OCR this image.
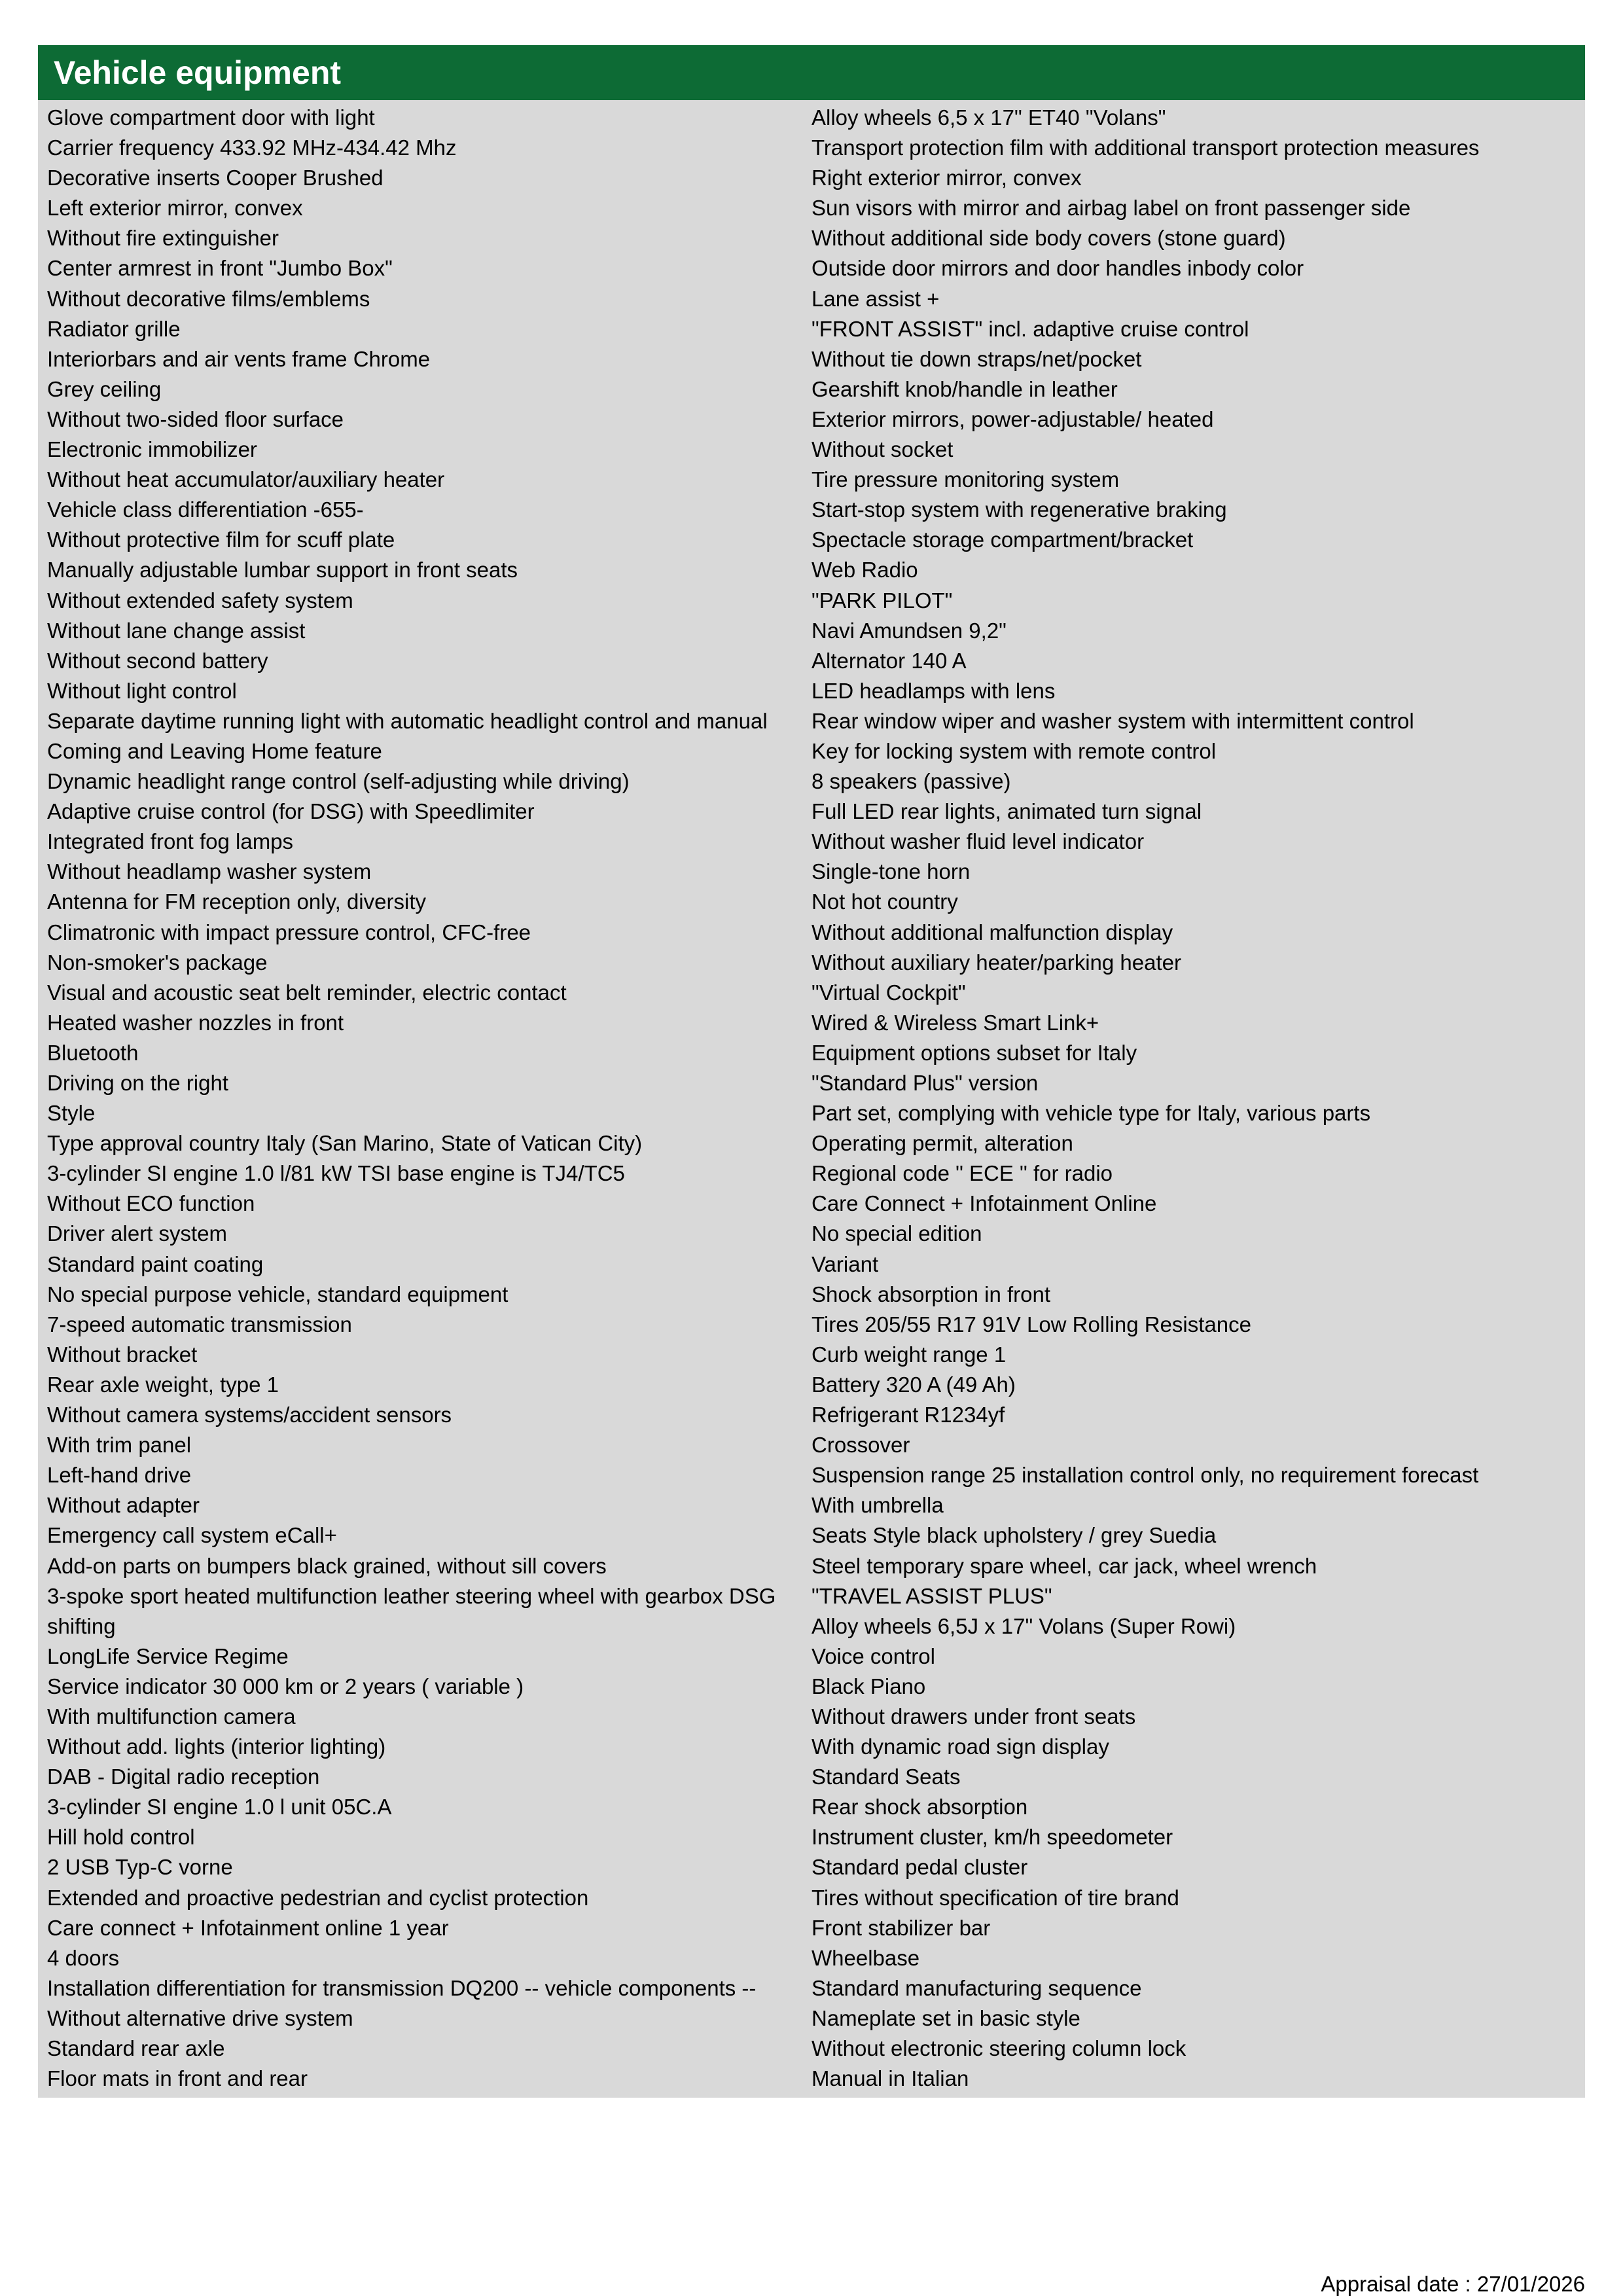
Vehicle equipment
Glove compartment door with light
Carrier frequency 433.92 MHz-434.42 Mhz
Decorative inserts Cooper Brushed
Left exterior mirror, convex
Without fire extinguisher
Center armrest in front "Jumbo Box"
Without decorative films/emblems
Radiator grille
Interiorbars and air vents frame Chrome
Grey ceiling
Without two-sided floor surface
Electronic immobilizer
Without heat accumulator/auxiliary heater
Vehicle class differentiation -655-
Without protective film for scuff plate
Manually adjustable lumbar support in front seats
Without extended safety system
Without lane change assist
Without second battery
Without light control
Separate daytime running light with automatic headlight control and manual
Coming and Leaving Home feature
Dynamic headlight range control (self-adjusting while driving)
Adaptive cruise control (for DSG) with Speedlimiter
Integrated front fog lamps
Without headlamp washer system
Antenna for FM reception only, diversity
Climatronic with impact pressure control, CFC-free
Non-smoker's package
Visual and acoustic seat belt reminder, electric contact
Heated washer nozzles in front
Bluetooth
Driving on the right
Style
Type approval country Italy (San Marino, State of Vatican City)
3-cylinder SI engine 1.0 l/81 kW TSI base engine is TJ4/TC5
Without ECO function
Driver alert system
Standard paint coating
No special purpose vehicle, standard equipment
7-speed automatic transmission
Without bracket
Rear axle weight, type 1
Without camera systems/accident sensors
With trim panel
Left-hand drive
Without adapter
Emergency call system eCall+
Add-on parts on bumpers black grained, without sill covers
3-spoke sport heated multifunction leather steering wheel with gearbox DSG
shifting
LongLife Service Regime
Service indicator 30 000 km or 2 years ( variable )
With multifunction camera
Without add. lights (interior lighting)
DAB - Digital radio reception
3-cylinder SI engine 1.0 l unit 05C.A
Hill hold control
2 USB Typ-C vorne
Extended and proactive pedestrian and cyclist protection
Care connect + Infotainment online 1 year
4 doors
Installation differentiation for transmission DQ200 -- vehicle components --
Without alternative drive system
Standard rear axle
Floor mats in front and rear
Alloy wheels 6,5 x 17" ET40 "Volans"
Transport protection film with additional transport protection measures
Right exterior mirror, convex
Sun visors with mirror and airbag label on front passenger side
Without additional side body covers (stone guard)
Outside door mirrors and door handles inbody color
Lane assist +
"FRONT ASSIST" incl. adaptive cruise control
Without tie down straps/net/pocket
Gearshift knob/handle in leather
Exterior mirrors, power-adjustable/ heated
Without socket
Tire pressure monitoring system
Start-stop system with regenerative braking
Spectacle storage compartment/bracket
Web Radio
"PARK PILOT"
Navi Amundsen 9,2"
Alternator 140 A
LED headlamps with lens
Rear window wiper and washer system with intermittent control
Key for locking system with remote control
8 speakers (passive)
Full LED rear lights, animated turn signal
Without washer fluid level indicator
Single-tone horn
Not hot country
Without additional malfunction display
Without auxiliary heater/parking heater
"Virtual Cockpit"
Wired & Wireless Smart Link+
Equipment options subset for Italy
"Standard Plus" version
Part set, complying with vehicle type for Italy, various parts
Operating permit, alteration
Regional code " ECE " for radio
Care Connect + Infotainment Online
No special edition
Variant
Shock absorption in front
Tires 205/55 R17 91V Low Rolling Resistance
Curb weight range 1
Battery 320 A (49 Ah)
Refrigerant R1234yf
Crossover
Suspension range 25 installation control only, no requirement forecast
With umbrella
Seats Style black upholstery / grey Suedia
Steel temporary spare wheel, car jack, wheel wrench
"TRAVEL ASSIST PLUS"
Alloy wheels 6,5J x 17" Volans (Super Rowi)
Voice control
Black Piano
Without drawers under front seats
With dynamic road sign display
Standard Seats
Rear shock absorption
Instrument cluster, km/h speedometer
Standard pedal cluster
Tires without specification of tire brand
Front stabilizer bar
Wheelbase
Standard manufacturing sequence
Nameplate set in basic style
Without electronic steering column lock
Manual in Italian
Appraisal date : 27/01/2026
